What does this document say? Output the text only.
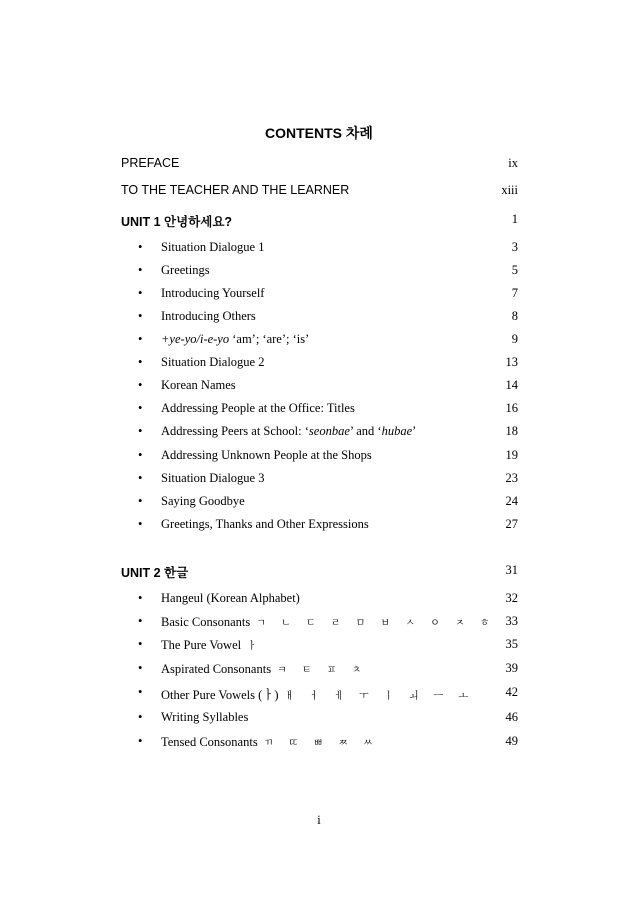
CONTENTS 차례
PREFACE	ix
TO THE TEACHER AND THE LEARNER	xiii
UNIT 1 안녕하세요?	1
• Situation Dialogue 1	3
• Greetings	5
• Introducing Yourself	7
• Introducing Others	8
• +ye-yo/i-e-yo ‘am’; ‘are’; ‘is’	9
• Situation Dialogue 2	13
• Korean Names	14
• Addressing People at the Office: Titles	16
• Addressing Peers at School: ‘seonbae’ and ‘hubae’	18
• Addressing Unknown People at the Shops	19
• Situation Dialogue 3	23
• Saying Goodbye	24
• Greetings, Thanks and Other Expressions	27
UNIT 2 한글	31
• Hangeul (Korean Alphabet)	32
• Basic Consonants ㄱ ㄴ ㄷ ㄹ ㅁ ㅂ ㅅ ㅇ ㅈ ㅎ 33
• The Pure Vowel ㅏ	35
• Aspirated Consonants ㅋ ㅌ ㅍ ㅊ	39
• Other Pure Vowels (ㅏ) ㅐ ㅓ ㅔ ㅜ ㅣ ㅚ ㅡ ㅗ	42
• Writing Syllables	46
• Tensed Consonants ㄲ ㄸ ㅃ ㅉ ㅆ	49
i
